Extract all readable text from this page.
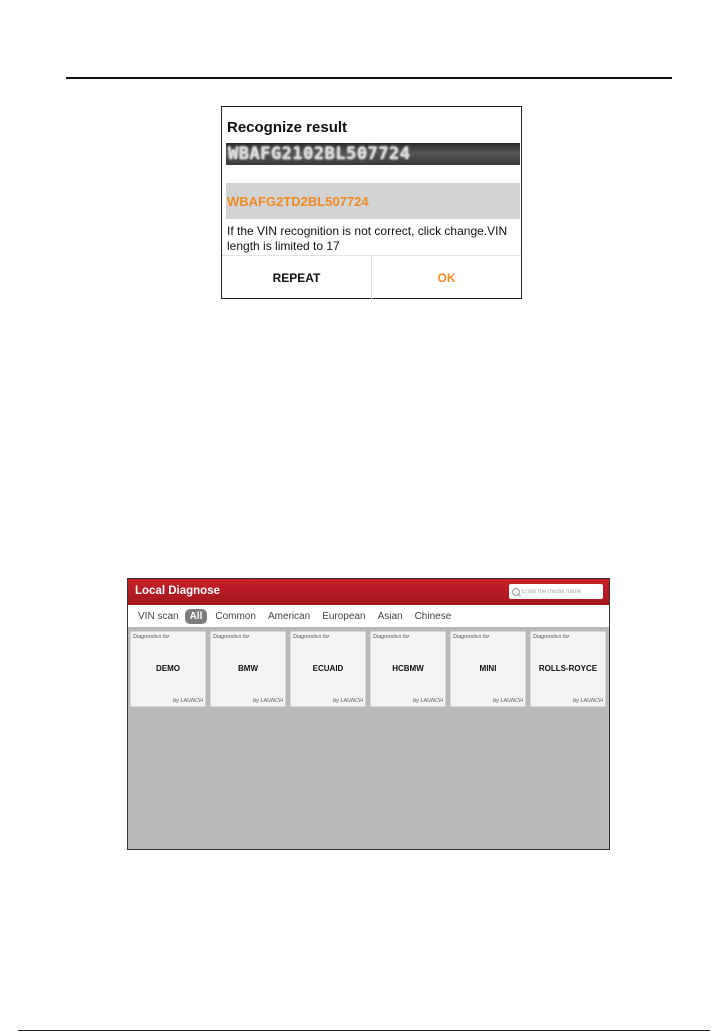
Recognize result
WBAFG2102BL507724
WBAFG2TD2BL507724
If the VIN recognition is not correct, click change.VIN length is limited to 17
REPEAT	OK
Local Diagnose
Enter the model name
VIN scan	All	Common American European Asian Chinese
Diagnostics for
DEMO
by LAUNCH
Diagnostics for
BMW
by LAUNCH
Diagnostics for
ECUAID
by LAUNCH
Diagnostics for
HCBMW
by LAUNCH
Diagnostics for
MINI
by LAUNCH
Diagnostics for
ROLLS-ROYCE
by LAUNCH
